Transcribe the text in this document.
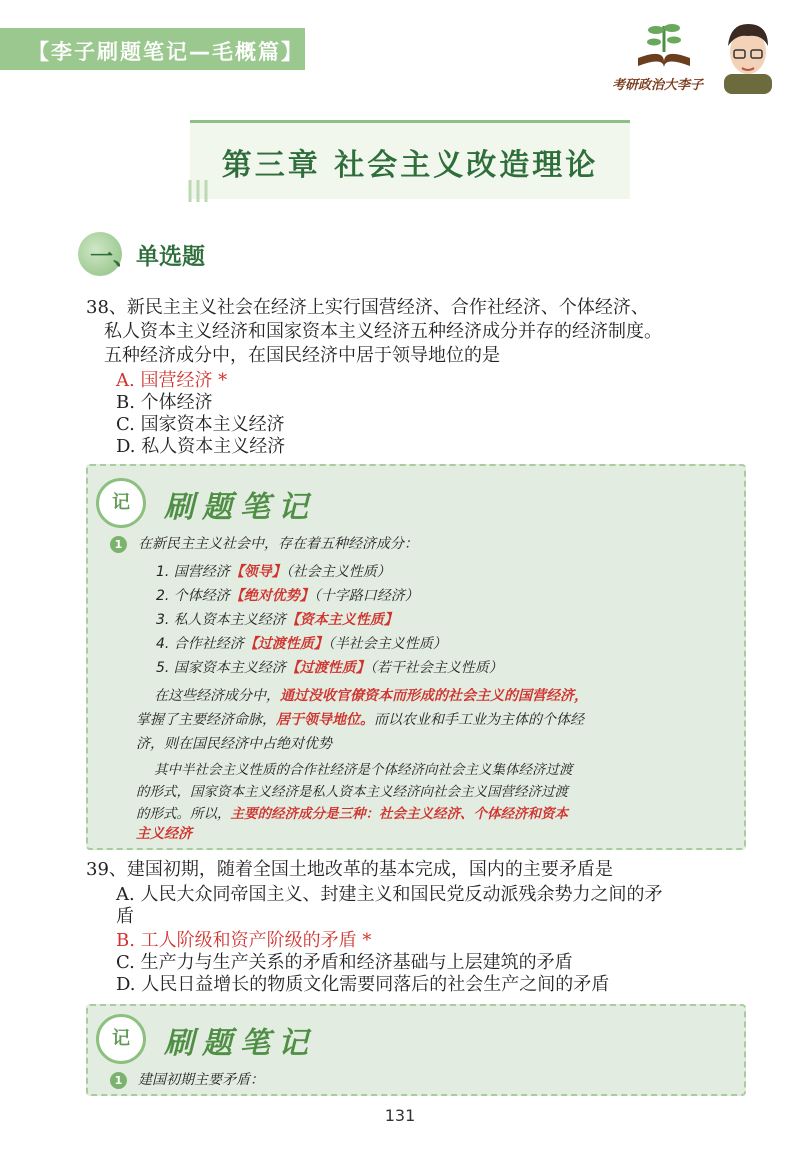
【李子刷题笔记—毛概篇】
考研政治大李子
第三章 社会主义改造理论
一、单选题
38、新民主主义社会在经济上实行国营经济、合作社经济、个体经济、
私人资本主义经济和国家资本主义经济五种经济成分并存的经济制度。
五种经济成分中，在国民经济中居于领导地位的是
A. 国营经济 *
B. 个体经济
C. 国家资本主义经济
D. 私人资本主义经济
记	刷题笔记
1	在新民主主义社会中，存在着五种经济成分：
1. 国营经济【领导】（社会主义性质）
2. 个体经济【绝对优势】（十字路口经济）
3. 私人资本主义经济【资本主义性质】
4. 合作社经济【过渡性质】（半社会主义性质）
5. 国家资本主义经济【过渡性质】（若干社会主义性质）
在这些经济成分中，通过没收官僚资本而形成的社会主义的国营经济，
掌握了主要经济命脉，居于领导地位。而以农业和手工业为主体的个体经
济，则在国民经济中占绝对优势
其中半社会主义性质的合作社经济是个体经济向社会主义集体经济过渡
的形式，国家资本主义经济是私人资本主义经济向社会主义国营经济过渡
的形式。所以，主要的经济成分是三种：社会主义经济、个体经济和资本
主义经济
39、建国初期，随着全国土地改革的基本完成，国内的主要矛盾是
A. 人民大众同帝国主义、封建主义和国民党反动派残余势力之间的矛
盾
B. 工人阶级和资产阶级的矛盾 *
C. 生产力与生产关系的矛盾和经济基础与上层建筑的矛盾
D. 人民日益增长的物质文化需要同落后的社会生产之间的矛盾
记	刷题笔记
1	建国初期主要矛盾：
131
